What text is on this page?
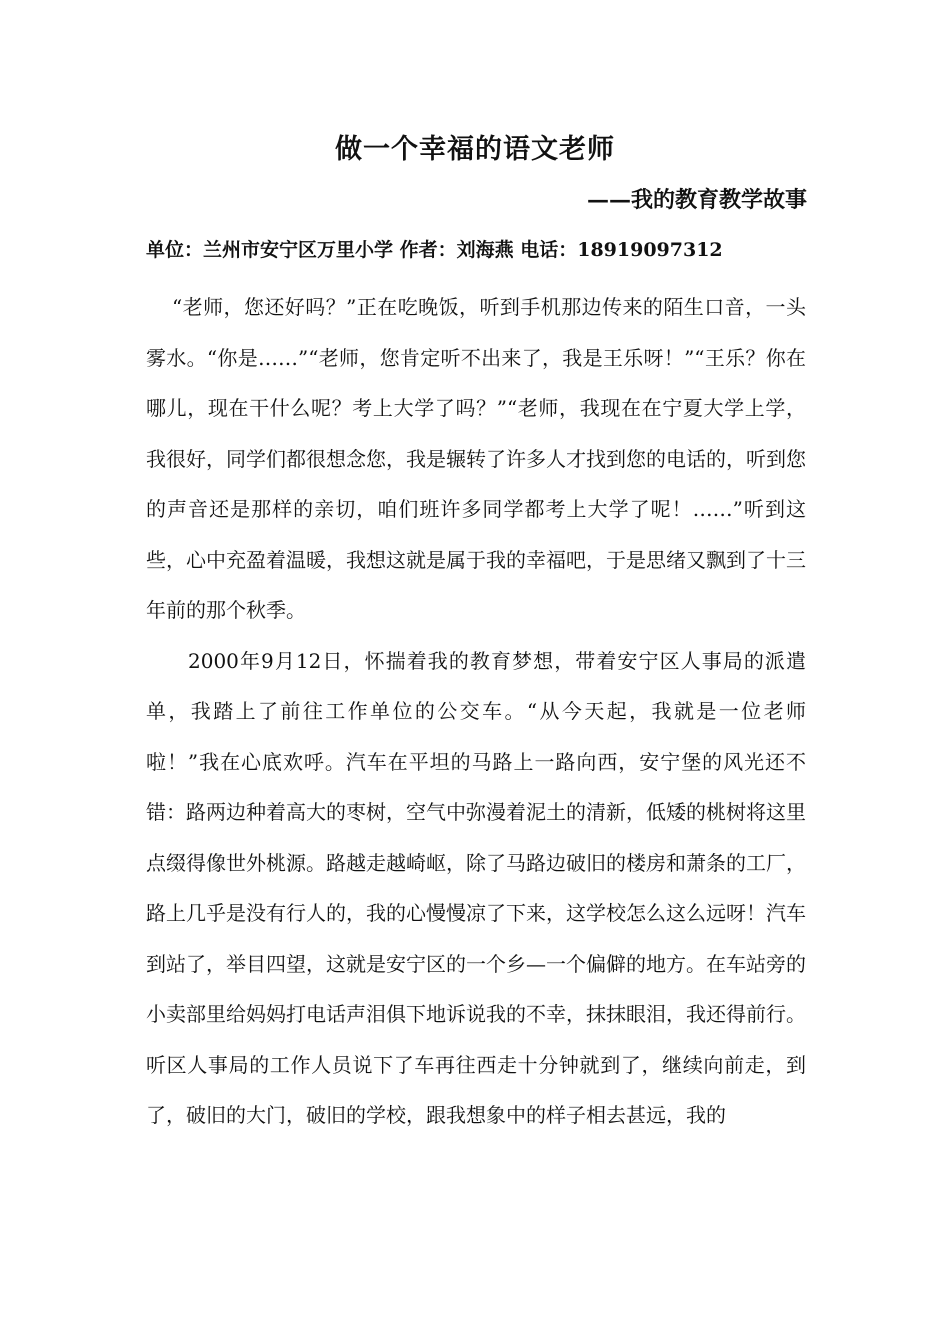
做一个幸福的语文老师
——我的教育教学故事

单位：兰州市安宁区万里小学 作者：刘海燕 电话：18919097312

“老师，您还好吗？”正在吃晚饭，听到手机那边传来的陌生口音，一头雾水。“你是……”“老师，您肯定听不出来了，我是王乐呀！”“王乐？你在哪儿，现在干什么呢？考上大学了吗？”“老师，我现在在宁夏大学上学，我很好，同学们都很想念您，我是辗转了许多人才找到您的电话的，听到您的声音还是那样的亲切，咱们班许多同学都考上大学了呢！……”听到这些，心中充盈着温暖，我想这就是属于我的幸福吧，于是思绪又飘到了十三年前的那个秋季。

2000年9月12日，怀揣着我的教育梦想，带着安宁区人事局的派遣单，我踏上了前往工作单位的公交车。“从今天起，我就是一位老师啦！”我在心底欢呼。汽车在平坦的马路上一路向西，安宁堡的风光还不错：路两边种着高大的枣树，空气中弥漫着泥土的清新，低矮的桃树将这里点缀得像世外桃源。路越走越崎岖，除了马路边破旧的楼房和萧条的工厂，路上几乎是没有行人的，我的心慢慢凉了下来，这学校怎么这么远呀！汽车到站了，举目四望，这就是安宁区的一个乡—一个偏僻的地方。在车站旁的小卖部里给妈妈打电话声泪俱下地诉说我的不幸，抹抹眼泪，我还得前行。听区人事局的工作人员说下了车再往西走十分钟就到了，继续向前走，到了，破旧的大门，破旧的学校，跟我想象中的样子相去甚远，我的
